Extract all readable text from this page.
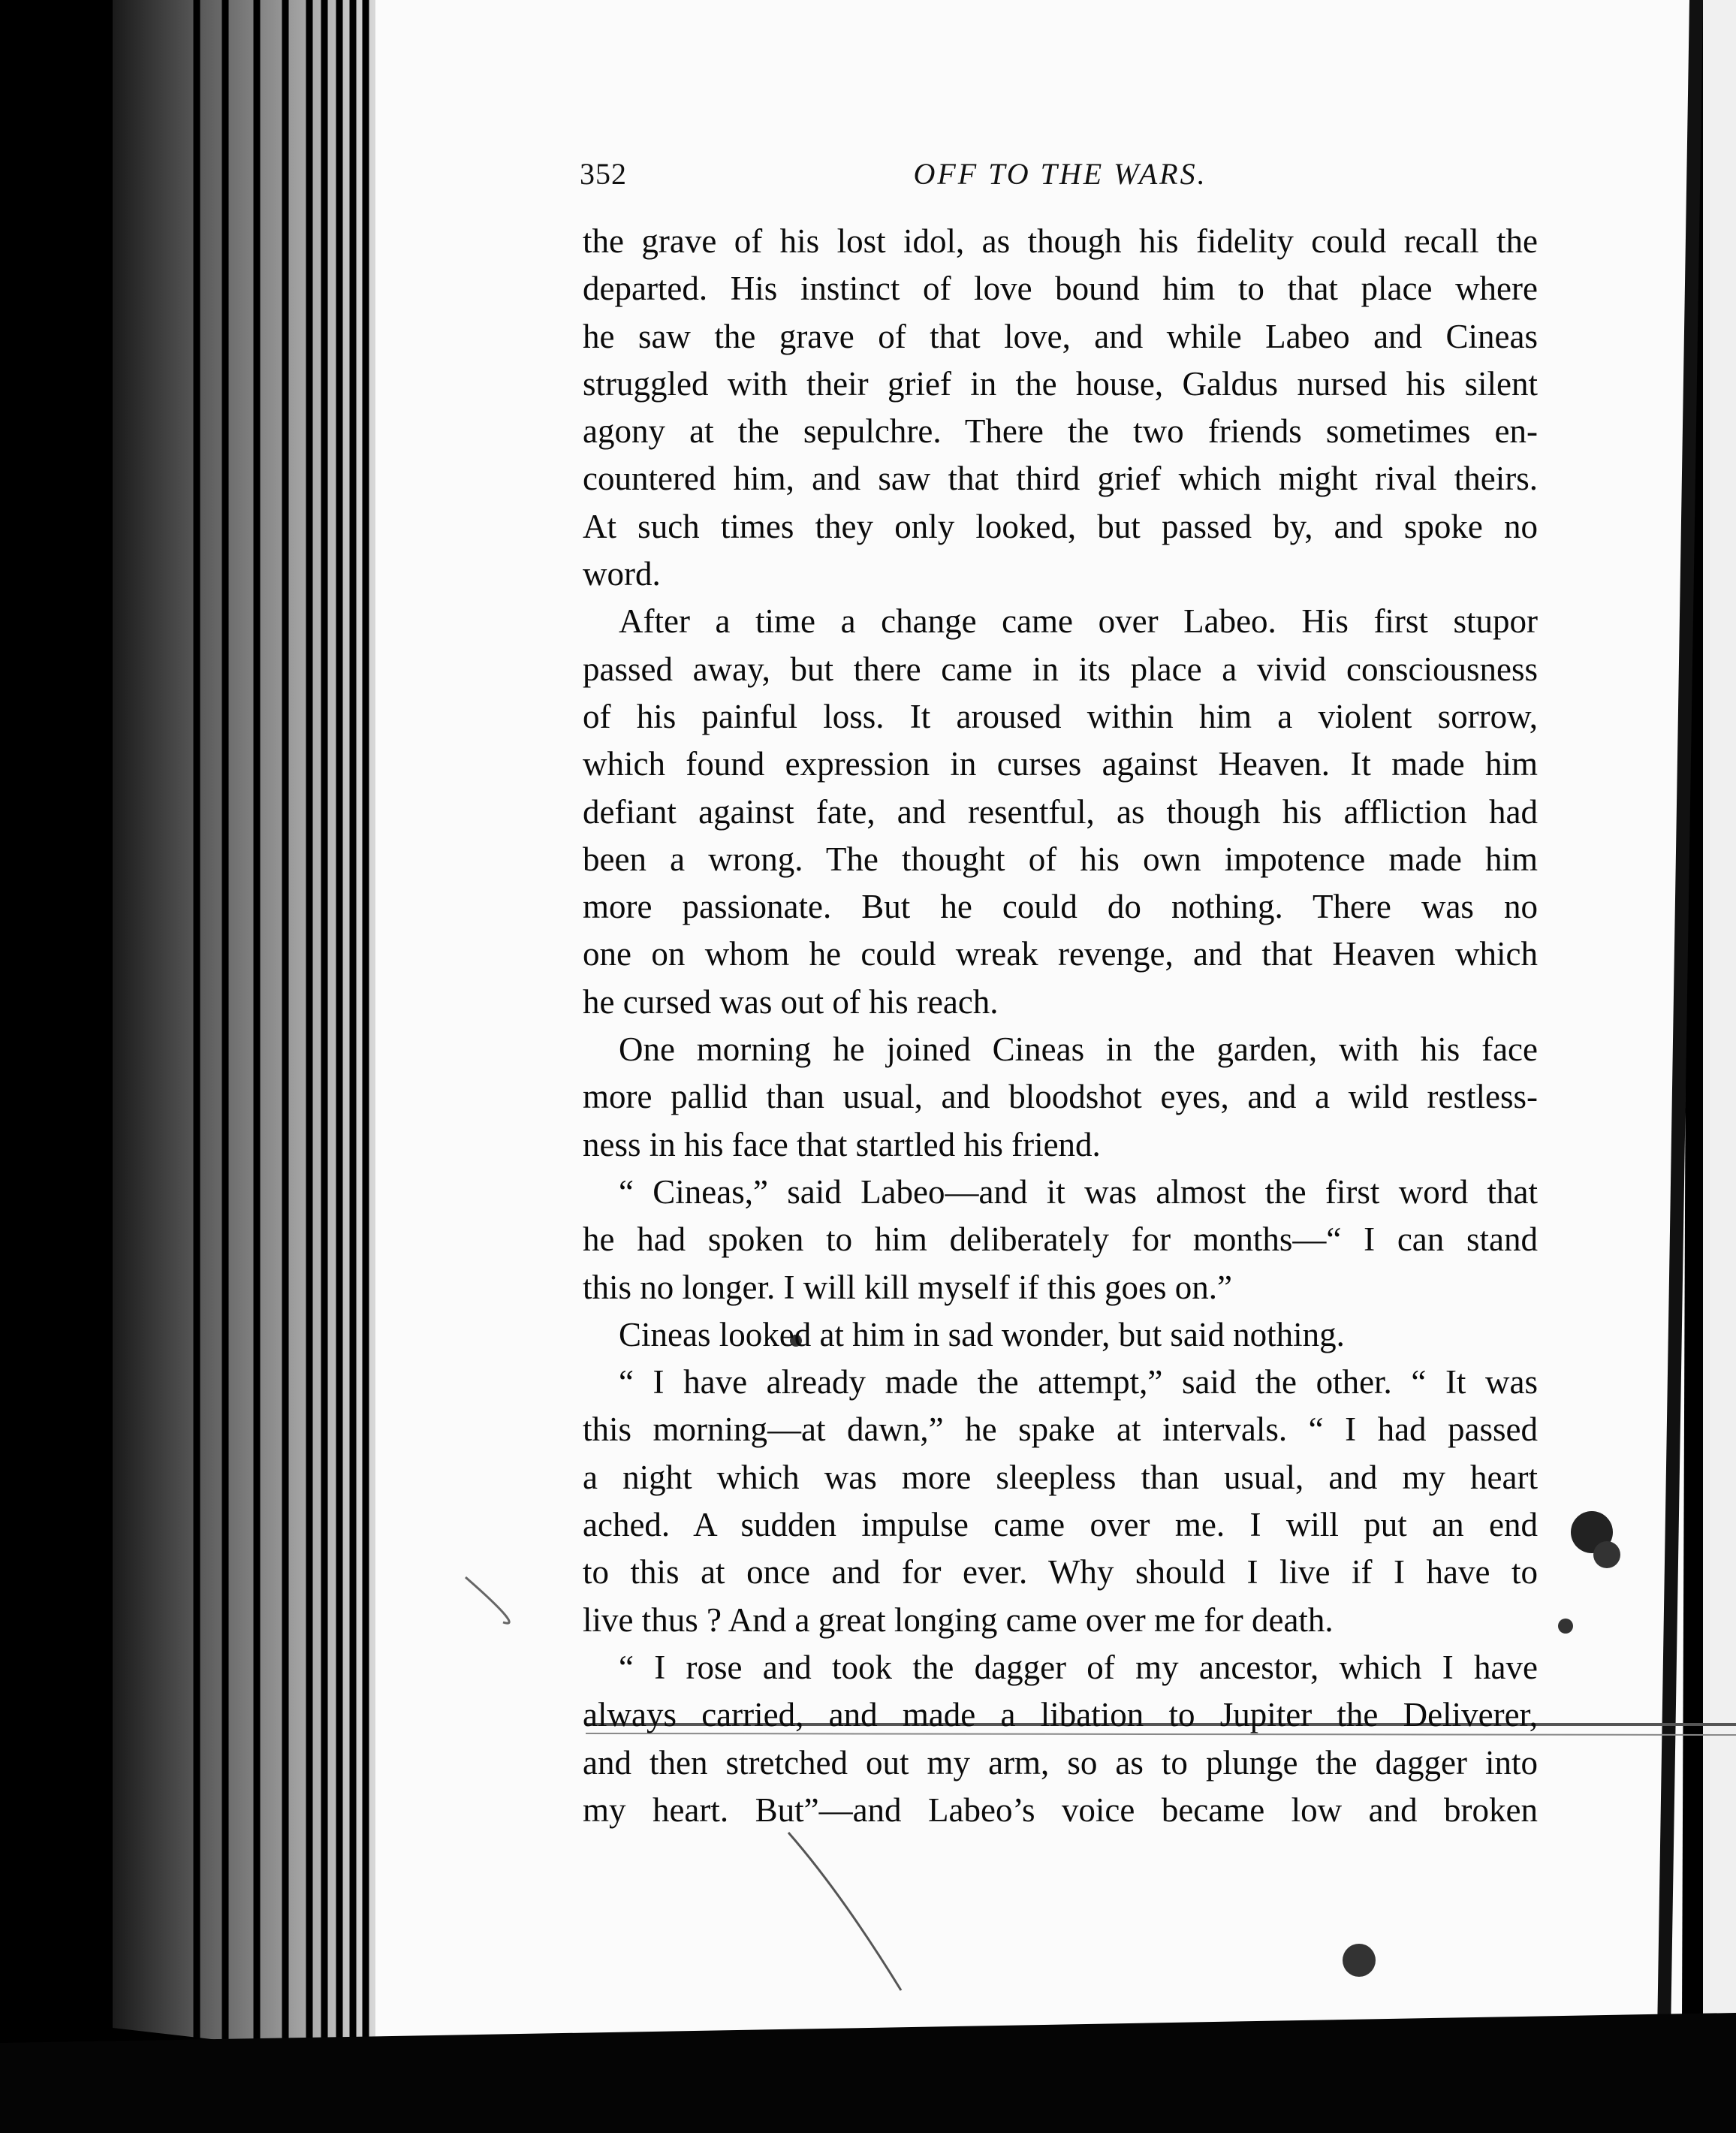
352	OFF TO THE WARS.
the grave of his lost idol, as though his fidelity could recall the
departed. His instinct of love bound him to that place where
he saw the grave of that love, and while Labeo and Cineas
struggled with their grief in the house, Galdus nursed his silent
agony at the sepulchre. There the two friends sometimes en-
countered him, and saw that third grief which might rival theirs.
At such times they only looked, but passed by, and spoke no
word.
After a time a change came over Labeo. His first stupor
passed away, but there came in its place a vivid consciousness
of his painful loss. It aroused within him a violent sorrow,
which found expression in curses against Heaven. It made him
defiant against fate, and resentful, as though his affliction had
been a wrong. The thought of his own impotence made him
more passionate. But he could do nothing. There was no
one on whom he could wreak revenge, and that Heaven which
he cursed was out of his reach.
One morning he joined Cineas in the garden, with his face
more pallid than usual, and bloodshot eyes, and a wild restless-
ness in his face that startled his friend.
“ Cineas,” said Labeo—and it was almost the first word that
he had spoken to him deliberately for months—“ I can stand
this no longer. I will kill myself if this goes on.”
Cineas looked at him in sad wonder, but said nothing.
“ I have already made the attempt,” said the other. “ It was
this morning—at dawn,” he spake at intervals. “ I had passed
a night which was more sleepless than usual, and my heart
ached. A sudden impulse came over me. I will put an end
to this at once and for ever. Why should I live if I have to
live thus ? And a great longing came over me for death.
“ I rose and took the dagger of my ancestor, which I have
always carried, and made a libation to Jupiter the Deliverer,
and then stretched out my arm, so as to plunge the dagger into
my heart. But”—and Labeo’s voice became low and broken
